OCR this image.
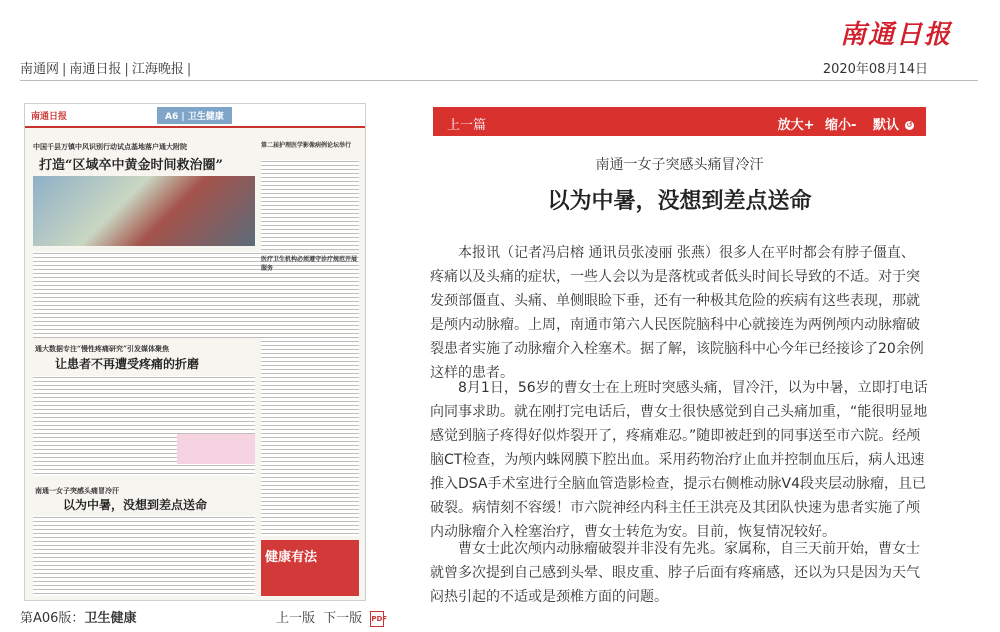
南通日报
南通网 | 南通日报 | 江海晚报 |	2020年08月14日
南通日报	A6 | 卫生健康
中国千县万镇中风识别行动试点基地落户通大附院
打造“区域卒中黄金时间救治圈”
第二届护理医学影像病例论坛举行
医疗卫生机构必须遵守诊疗规范开展服务
通大数据专注“慢性疼痛研究”引发媒体聚焦
让患者不再遭受疼痛的折磨
南通一女子突感头痛冒冷汗
以为中暑，没想到差点送命
健康有法
第A06版：卫生健康	上一版 下一版 PDF
上一篇	放大+ 缩小- 默认 ↺
南通一女子突感头痛冒冷汗
以为中暑，没想到差点送命

本报讯（记者冯启榕 通讯员张凌丽 张燕）很多人在平时都会有脖子僵直、疼痛以及头痛的症状，一些人会以为是落枕或者低头时间长导致的不适。对于突发颈部僵直、头痛、单侧眼睑下垂，还有一种极其危险的疾病有这些表现，那就是颅内动脉瘤。上周，南通市第六人民医院脑科中心就接连为两例颅内动脉瘤破裂患者实施了动脉瘤介入栓塞术。据了解，该院脑科中心今年已经接诊了20余例这样的患者。

8月1日，56岁的曹女士在上班时突感头痛，冒冷汗，以为中暑，立即打电话向同事求助。就在刚打完电话后，曹女士很快感觉到自己头痛加重，“能很明显地感觉到脑子疼得好似炸裂开了，疼痛难忍。”随即被赶到的同事送至市六院。经颅脑CT检查，为颅内蛛网膜下腔出血。采用药物治疗止血并控制血压后，病人迅速推入DSA手术室进行全脑血管造影检查，提示右侧椎动脉V4段夹层动脉瘤，且已破裂。病情刻不容缓！市六院神经内科主任王洪亮及其团队快速为患者实施了颅内动脉瘤介入栓塞治疗，曹女士转危为安。目前，恢复情况较好。

曹女士此次颅内动脉瘤破裂并非没有先兆。家属称，自三天前开始，曹女士就曾多次提到自己感到头晕、眼皮重、脖子后面有疼痛感，还以为只是因为天气闷热引起的不适或是颈椎方面的问题。
